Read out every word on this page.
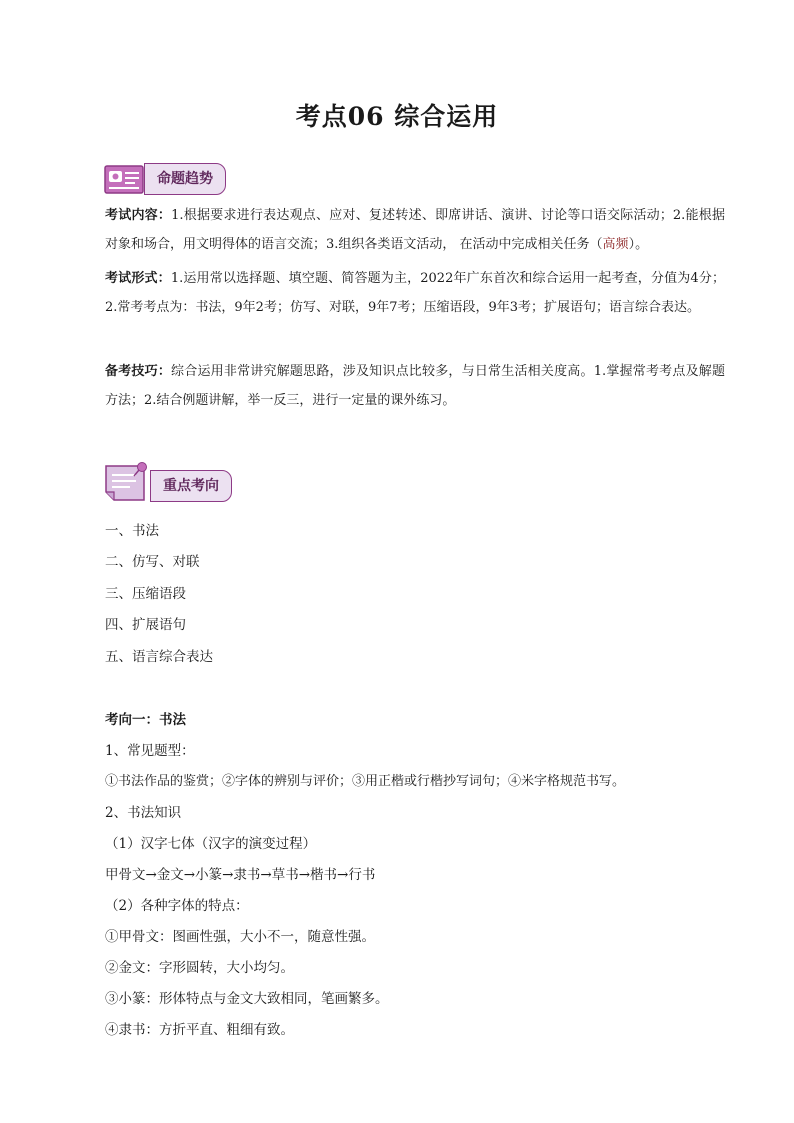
考点06 综合运用
命题趋势
考试内容：1.根据要求进行表达观点、应对、复述转述、即席讲话、演讲、讨论等口语交际活动；2.能根据对象和场合，用文明得体的语言交流；3.组织各类语文活动， 在活动中完成相关任务（高频）。
考试形式：1.运用常以选择题、填空题、简答题为主，2022年广东首次和综合运用一起考查，分值为4分；2.常考考点为：书法，9年2考；仿写、对联，9年7考；压缩语段，9年3考；扩展语句；语言综合表达。
备考技巧：综合运用非常讲究解题思路，涉及知识点比较多，与日常生活相关度高。1.掌握常考考点及解题方法；2.结合例题讲解，举一反三，进行一定量的课外练习。
重点考向
一、书法
二、仿写、对联
三、压缩语段
四、扩展语句
五、语言综合表达
考向一：书法
1、常见题型：
①书法作品的鉴赏；②字体的辨别与评价；③用正楷或行楷抄写词句；④米字格规范书写。
2、书法知识
（1）汉字七体（汉字的演变过程）
甲骨文→金文→小篆→隶书→草书→楷书→行书
（2）各种字体的特点：
①甲骨文：图画性强，大小不一，随意性强。
②金文：字形圆转，大小均匀。
③小篆：形体特点与金文大致相同，笔画繁多。
④隶书：方折平直、粗细有致。
